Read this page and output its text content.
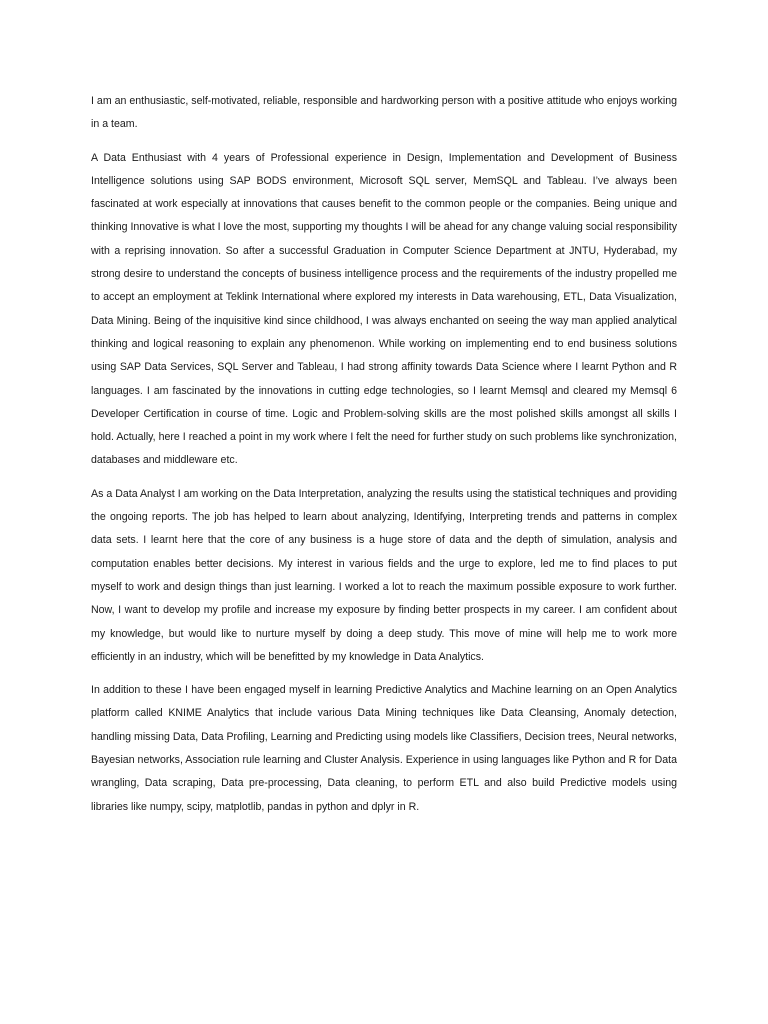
I am an enthusiastic, self-motivated, reliable, responsible and hardworking person with a positive attitude who enjoys working in a team.

A Data Enthusiast with 4 years of Professional experience in Design, Implementation and Development of Business Intelligence solutions using SAP BODS environment, Microsoft SQL server, MemSQL and Tableau. I’ve always been fascinated at work especially at innovations that causes benefit to the common people or the companies. Being unique and thinking Innovative is what I love the most, supporting my thoughts I will be ahead for any change valuing social responsibility with a reprising innovation. So after a successful Graduation in Computer Science Department at JNTU, Hyderabad, my strong desire to understand the concepts of business intelligence process and the requirements of the industry propelled me to accept an employment at Teklink International where explored my interests in Data warehousing, ETL, Data Visualization, Data Mining. Being of the inquisitive kind since childhood, I was always enchanted on seeing the way man applied analytical thinking and logical reasoning to explain any phenomenon. While working on implementing end to end business solutions using SAP Data Services, SQL Server and Tableau, I had strong affinity towards Data Science where I learnt Python and R languages. I am fascinated by the innovations in cutting edge technologies, so I learnt Memsql and cleared my Memsql 6 Developer Certification in course of time. Logic and Problem-solving skills are the most polished skills amongst all skills I hold. Actually, here I reached a point in my work where I felt the need for further study on such problems like synchronization, databases and middleware etc.

As a Data Analyst I am working on the Data Interpretation, analyzing the results using the statistical techniques and providing the ongoing reports. The job has helped to learn about analyzing, Identifying, Interpreting trends and patterns in complex data sets. I learnt here that the core of any business is a huge store of data and the depth of simulation, analysis and computation enables better decisions. My interest in various fields and the urge to explore, led me to find places to put myself to work and design things than just learning. I worked a lot to reach the maximum possible exposure to work further. Now, I want to develop my profile and increase my exposure by finding better prospects in my career. I am confident about my knowledge, but would like to nurture myself by doing a deep study. This move of mine will help me to work more efficiently in an industry, which will be benefitted by my knowledge in Data Analytics.

In addition to these I have been engaged myself in learning Predictive Analytics and Machine learning on an Open Analytics platform called KNIME Analytics that include various Data Mining techniques like Data Cleansing, Anomaly detection, handling missing Data, Data Profiling, Learning and Predicting using models like Classifiers, Decision trees, Neural networks, Bayesian networks, Association rule learning and Cluster Analysis. Experience in using languages like Python and R for Data wrangling, Data scraping, Data pre-processing, Data cleaning, to perform ETL and also build Predictive models using libraries like numpy, scipy, matplotlib, pandas in python and dplyr in R.
